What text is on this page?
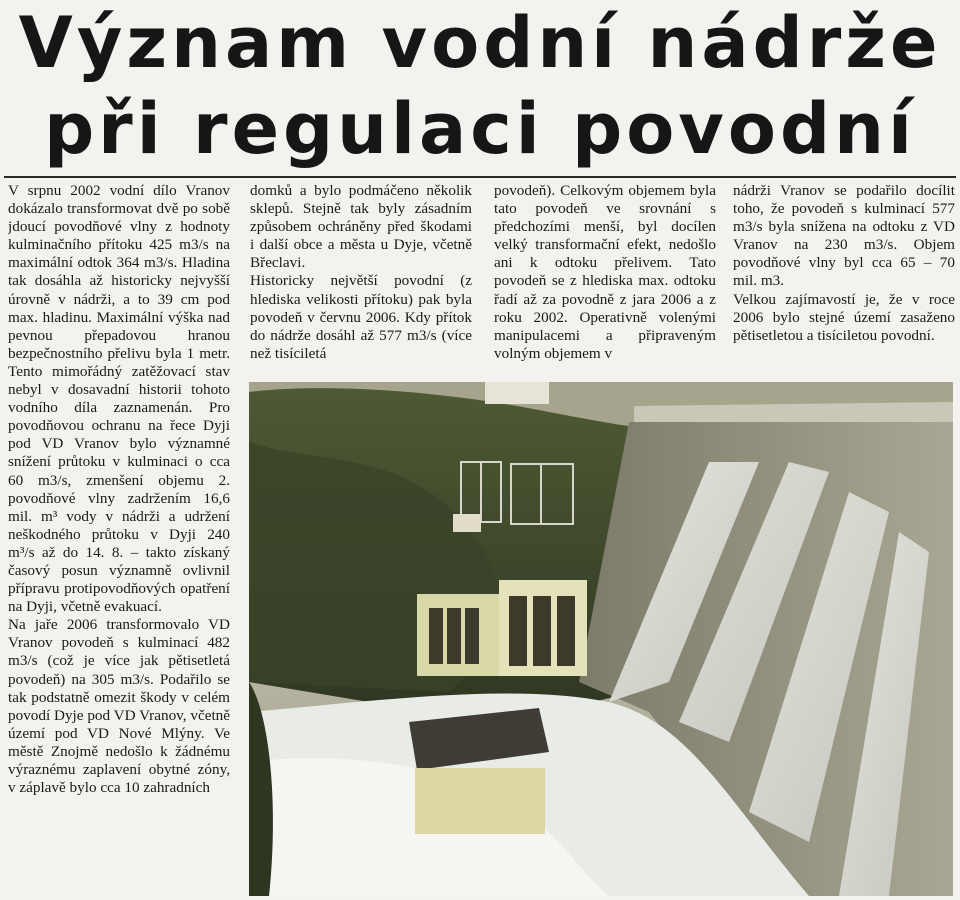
Význam vodní nádrže
při regulaci povodní

V srpnu 2002 vodní dílo Vranov dokázalo transformovat dvě po sobě jdoucí povodňové vlny z hodnoty kulminačního přítoku 425 m3/s na maximální odtok 364 m3/s. Hladina tak dosáhla až historicky nejvyšší úrovně v nádrži, a to 39 cm pod max. hladinu. Maximální výška nad pevnou přepadovou hranou bezpečnostního přelivu byla 1 metr. Tento mimořádný zatěžovací stav nebyl v dosavadní historii tohoto vodního díla zaznamenán. Pro povodňovou ochranu na řece Dyji pod VD Vranov bylo významné snížení průtoku v kulminaci o cca 60 m3/s, zmenšení objemu 2. povodňové vlny zadržením 16,6 mil. m³ vody v nádrži a udržení neškodného průtoku v Dyji 240 m³/s až do 14. 8. – takto získaný časový posun významně ovlivnil přípravu protipovodňových opatření na Dyji, včetně evakuací.

Na jaře 2006 transformovalo VD Vranov povodeň s kulminací 482 m3/s (což je více jak pětisetletá povodeň) na 305 m3/s. Podařilo se tak podstatně omezit škody v celém povodí Dyje pod VD Vranov, včetně území pod VD Nové Mlýny. Ve městě Znojmě nedošlo k žádnému výraznému zaplavení obytné zóny, v záplavě bylo cca 10 zahradních

domků a bylo podmáčeno několik sklepů. Stejně tak byly zásadním způsobem ochráněny před škodami i další obce a města u Dyje, včetně Břeclavi.

Historicky největší povodní (z hlediska velikosti přítoku) pak byla povodeň v červnu 2006. Kdy přítok do nádrže dosáhl až 577 m3/s (více než tisíciletá

povodeň). Celkovým objemem byla tato povodeň ve srovnání s předchozími menší, byl docílen velký transformační efekt, nedošlo ani k odtoku přelivem. Tato povodeň se z hlediska max. odtoku řadí až za povodně z jara 2006 a z roku 2002. Operativně volenými manipulacemi a připraveným volným objemem v

nádrži Vranov se podařilo docílit toho, že povodeň s kulminací 577 m3/s byla snížena na odtoku z VD Vranov na 230 m3/s. Objem povodňové vlny byl cca 65 – 70 mil. m3.

Velkou zajímavostí je, že v roce 2006 bylo stejné území zasaženo pětisetletou a tisíciletou povodní.
